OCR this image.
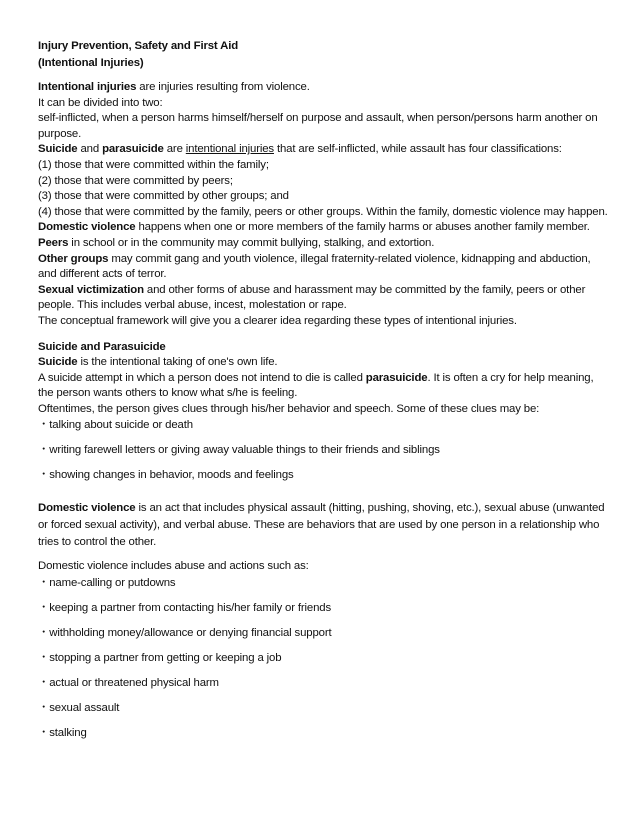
Injury Prevention, Safety and First Aid
(Intentional Injuries)

Intentional injuries are injuries resulting from violence.

It can be divided into two:

self-inflicted, when a person harms himself/herself on purpose and assault, when person/persons harm another on purpose.

Suicide and parasuicide are intentional injuries that are self-inflicted, while assault has four classifications:

(1) those that were committed within the family;

(2) those that were committed by peers;

(3) those that were committed by other groups; and

(4) those that were committed by the family, peers or other groups. Within the family, domestic violence may happen.

Domestic violence happens when one or more members of the family harms or abuses another family member.

Peers in school or in the community may commit bullying, stalking, and extortion.

Other groups may commit gang and youth violence, illegal fraternity-related violence, kidnapping and abduction, and different acts of terror.

Sexual victimization and other forms of abuse and harassment may be committed by the family, peers or other people. This includes verbal abuse, incest, molestation or rape.

The conceptual framework will give you a clearer idea regarding these types of intentional injuries.

Suicide and Parasuicide

Suicide is the intentional taking of one's own life.

A suicide attempt in which a person does not intend to die is called parasuicide. It is often a cry for help meaning, the person wants others to know what s/he is feeling.

Oftentimes, the person gives clues through his/her behavior and speech. Some of these clues may be:

・talking about suicide or death

・writing farewell letters or giving away valuable things to their friends and siblings

・showing changes in behavior, moods and feelings

Domestic violence is an act that includes physical assault (hitting, pushing, shoving, etc.), sexual abuse (unwanted or forced sexual activity), and verbal abuse. These are behaviors that are used by one person in a relationship who tries to control the other.

Domestic violence includes abuse and actions such as:

・name-calling or putdowns

・keeping a partner from contacting his/her family or friends

・withholding money/allowance or denying financial support

・stopping a partner from getting or keeping a job

・actual or threatened physical harm

・sexual assault

・stalking
